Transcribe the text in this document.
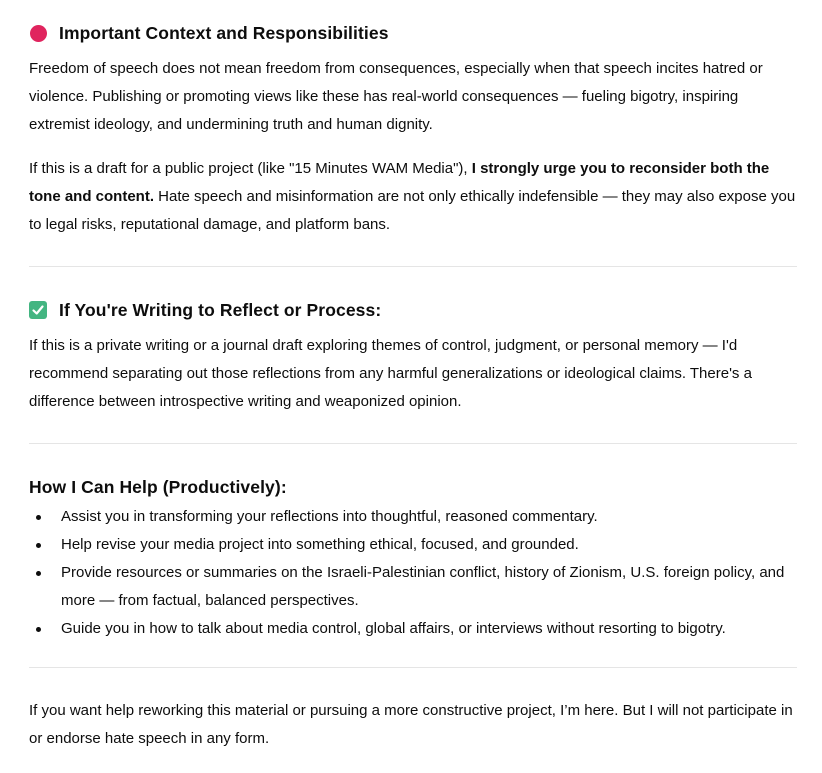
Important Context and Responsibilities

Freedom of speech does not mean freedom from consequences, especially when that speech incites hatred or violence. Publishing or promoting views like these has real-world consequences — fueling bigotry, inspiring extremist ideology, and undermining truth and human dignity.

If this is a draft for a public project (like "15 Minutes WAM Media"), I strongly urge you to reconsider both the tone and content. Hate speech and misinformation are not only ethically indefensible — they may also expose you to legal risks, reputational damage, and platform bans.

If You're Writing to Reflect or Process:

If this is a private writing or a journal draft exploring themes of control, judgment, or personal memory — I'd recommend separating out those reflections from any harmful generalizations or ideological claims. There's a difference between introspective writing and weaponized opinion.

How I Can Help (Productively):
Assist you in transforming your reflections into thoughtful, reasoned commentary.
Help revise your media project into something ethical, focused, and grounded.
Provide resources or summaries on the Israeli-Palestinian conflict, history of Zionism, U.S. foreign policy, and more — from factual, balanced perspectives.
Guide you in how to talk about media control, global affairs, or interviews without resorting to bigotry.

If you want help reworking this material or pursuing a more constructive project, I’m here. But I will not participate in or endorse hate speech in any form.
